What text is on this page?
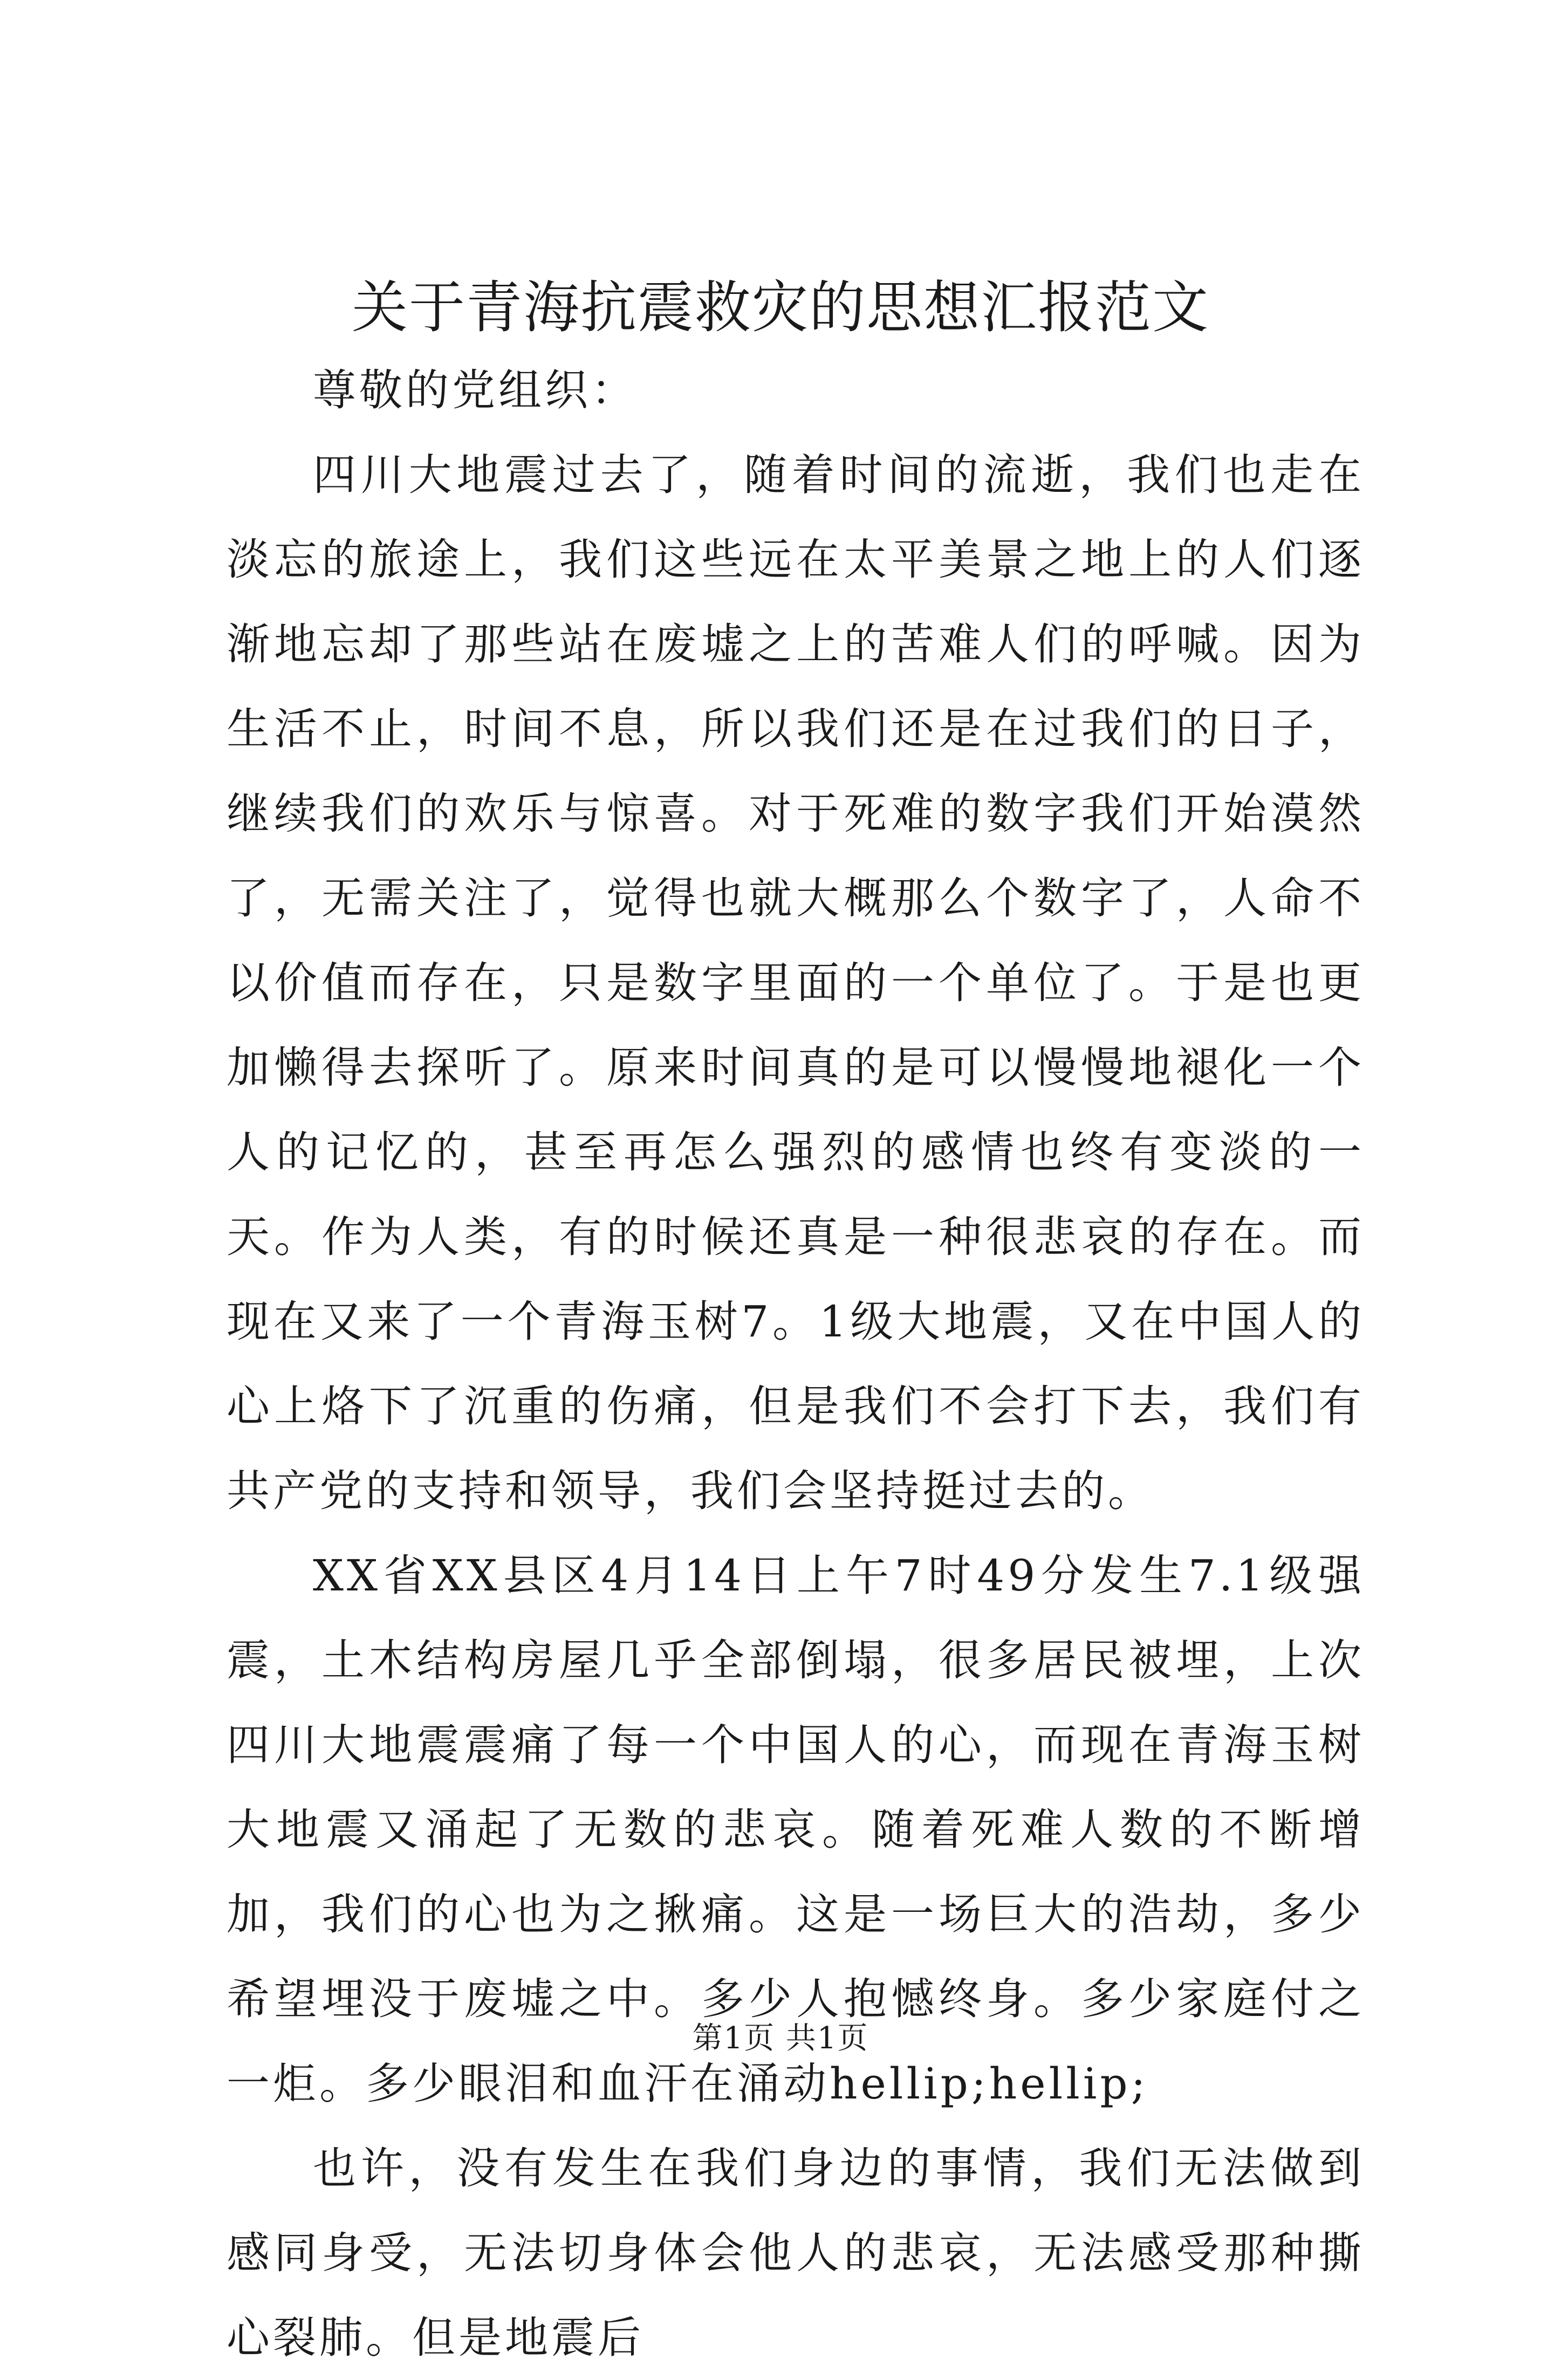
关于青海抗震救灾的思想汇报范文

尊敬的党组织：

四川大地震过去了，随着时间的流逝，我们也走在淡忘的旅途上，我们这些远在太平美景之地上的人们逐渐地忘却了那些站在废墟之上的苦难人们的呼喊。因为生活不止，时间不息，所以我们还是在过我们的日子，继续我们的欢乐与惊喜。对于死难的数字我们开始漠然了，无需关注了，觉得也就大概那么个数字了，人命不以价值而存在，只是数字里面的一个单位了。于是也更加懒得去探听了。原来时间真的是可以慢慢地褪化一个人的记忆的，甚至再怎么强烈的感情也终有变淡的一天。作为人类，有的时候还真是一种很悲哀的存在。而现在又来了一个青海玉树7。1级大地震，又在中国人的心上烙下了沉重的伤痛，但是我们不会打下去，我们有共产党的支持和领导，我们会坚持挺过去的。

XX省XX县区4月14日上午7时49分发生7.1级强震，土木结构房屋几乎全部倒塌，很多居民被埋，上次四川大地震震痛了每一个中国人的心，而现在青海玉树大地震又涌起了无数的悲哀。随着死难人数的不断增加，我们的心也为之揪痛。这是一场巨大的浩劫，多少希望埋没于废墟之中。多少人抱憾终身。多少家庭付之一炬。多少眼泪和血汗在涌动hellip;hellip;

也许，没有发生在我们身边的事情，我们无法做到感同身受，无法切身体会他人的悲哀，无法感受那种撕心裂肺。但是地震后

第1页 共1页
